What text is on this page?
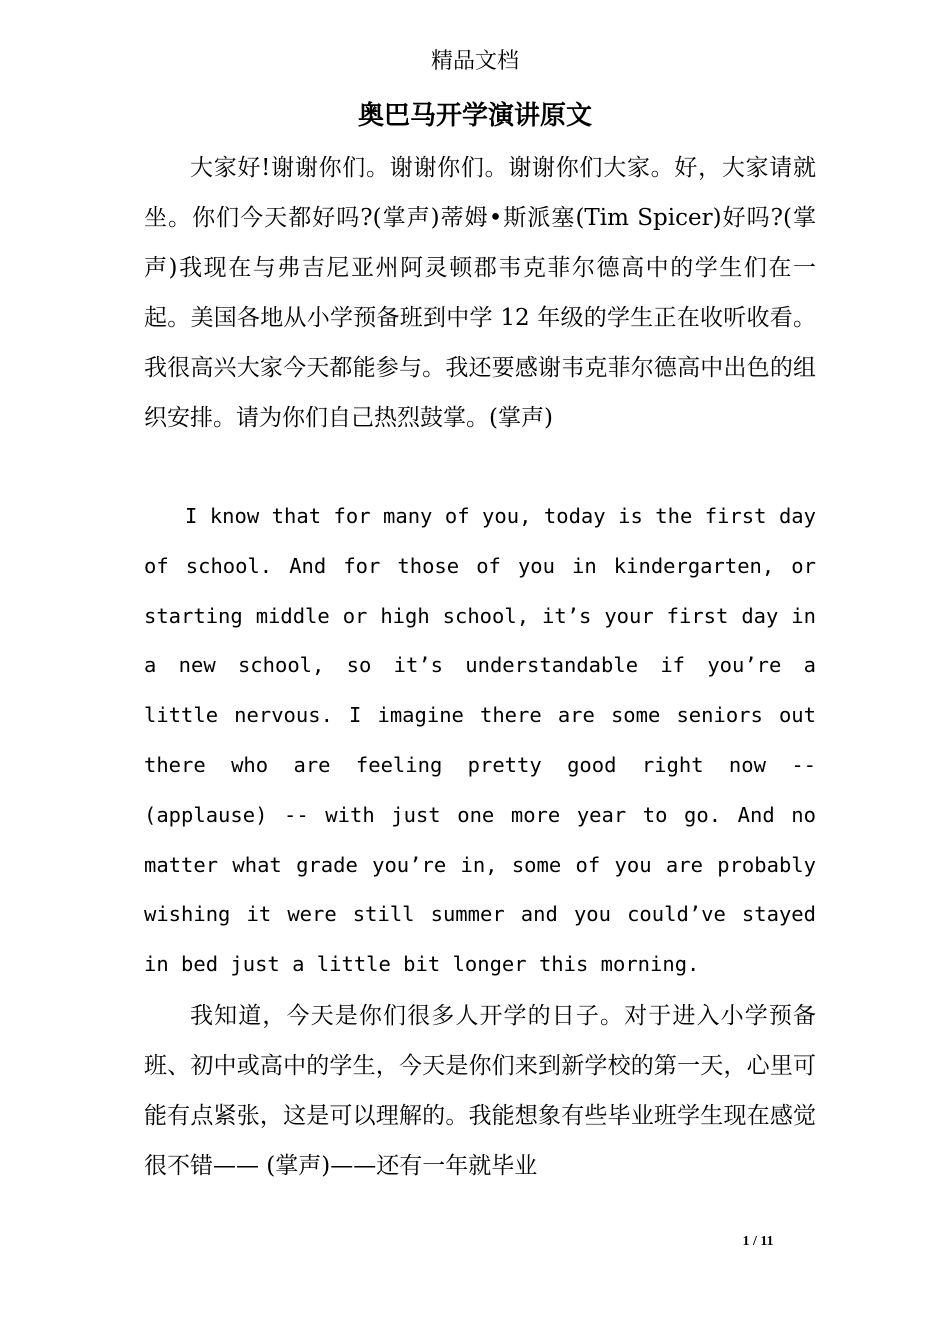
精品文档
奥巴马开学演讲原文

大家好!谢谢你们。谢谢你们。谢谢你们大家。好，大家请就坐。你们今天都好吗?(掌声)蒂姆•斯派塞(Tim Spicer)好吗?(掌声)我现在与弗吉尼亚州阿灵顿郡韦克菲尔德高中的学生们在一起。美国各地从小学预备班到中学 12 年级的学生正在收听收看。我很高兴大家今天都能参与。我还要感谢韦克菲尔德高中出色的组织安排。请为你们自己热烈鼓掌。(掌声)

I know that for many of you, today is the first day of school. And for those of you in kindergarten, or starting middle or high school, it’s your first day in a new school, so it’s understandable if you’re a little nervous. I imagine there are some seniors out there who are feeling pretty good right now -- (applause) -- with just one more year to go. And no matter what grade you’re in, some of you are probably wishing it were still summer and you could’ve stayed in bed just a little bit longer this morning.

我知道，今天是你们很多人开学的日子。对于进入小学预备班、初中或高中的学生，今天是你们来到新学校的第一天，心里可能有点紧张，这是可以理解的。我能想象有些毕业班学生现在感觉很不错—— (掌声)——还有一年就毕业

1 / 11
